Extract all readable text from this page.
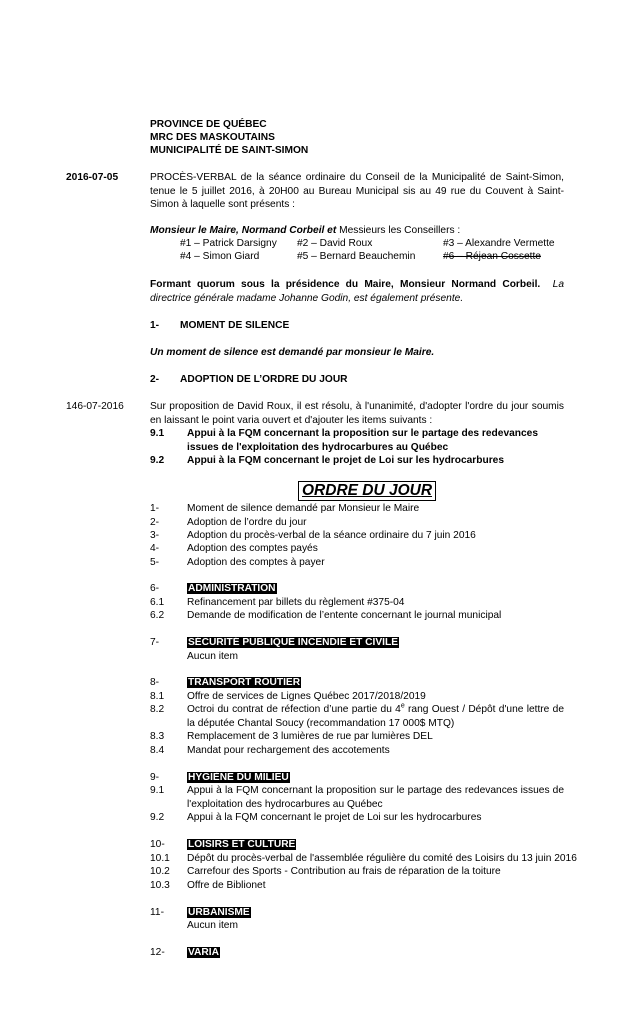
PROVINCE DE QUÉBEC
MRC DES MASKOUTAINS
MUNICIPALITÉ DE SAINT-SIMON
2016-07-05	PROCÈS-VERBAL de la séance ordinaire du Conseil de la Municipalité de Saint-Simon, tenue le 5 juillet 2016, à 20H00 au Bureau Municipal sis au 49 rue du Couvent à Saint-Simon à laquelle sont présents :
Monsieur le Maire, Normand Corbeil et Messieurs les Conseillers :
#1 – Patrick Darsigny #2 – David Roux	#3 – Alexandre Vermette
#4 – Simon Giard	#5 – Bernard Beauchemin	#6 – Réjean Cossette
Formant quorum sous la présidence du Maire, Monsieur Normand Corbeil. La directrice générale madame Johanne Godin, est également présente.
1- MOMENT DE SILENCE
Un moment de silence est demandé par monsieur le Maire.
2- ADOPTION DE L’ORDRE DU JOUR
146-07-2016	Sur proposition de David Roux, il est résolu, à l'unanimité, d'adopter l'ordre du jour soumis en laissant le point varia ouvert et d'ajouter les items suivants :
9.1 Appui à la FQM concernant la proposition sur le partage des redevances issues de l'exploitation des hydrocarbures au Québec
9.2 Appui à la FQM concernant le projet de Loi sur les hydrocarbures
ORDRE DU JOUR
1-	Moment de silence demandé par Monsieur le Maire
2-	Adoption de l’ordre du jour
3-	Adoption du procès-verbal de la séance ordinaire du 7 juin 2016
4-	Adoption des comptes payés
5-	Adoption des comptes à payer
6-	ADMINISTRATION
6.1 Refinancement par billets du règlement #375-04
6.2 Demande de modification de l’entente concernant le journal municipal
7-	SÉCURITÉ PUBLIQUE INCENDIE ET CIVILE
Aucun item
8-	TRANSPORT ROUTIER
8.1 Offre de services de Lignes Québec 2017/2018/2019
8.2 Octroi du contrat de réfection d’une partie du 4e rang Ouest / Dépôt d'une lettre de la députée Chantal Soucy (recommandation 17 000$ MTQ)
8.3 Remplacement de 3 lumières de rue par lumières DEL
8.4 Mandat pour rechargement des accotements
9-	HYGIÈNE DU MILIEU
9.1 Appui à la FQM concernant la proposition sur le partage des redevances issues de l'exploitation des hydrocarbures au Québec
9.2 Appui à la FQM concernant le projet de Loi sur les hydrocarbures
10- LOISIRS ET CULTURE
10.1 Dépôt du procès-verbal de l'assemblée régulière du comité des Loisirs du 13 juin 2016
10.2 Carrefour des Sports - Contribution au frais de réparation de la toiture
10.3 Offre de Biblionet
11- URBANISME
Aucun item
12- VARIA
